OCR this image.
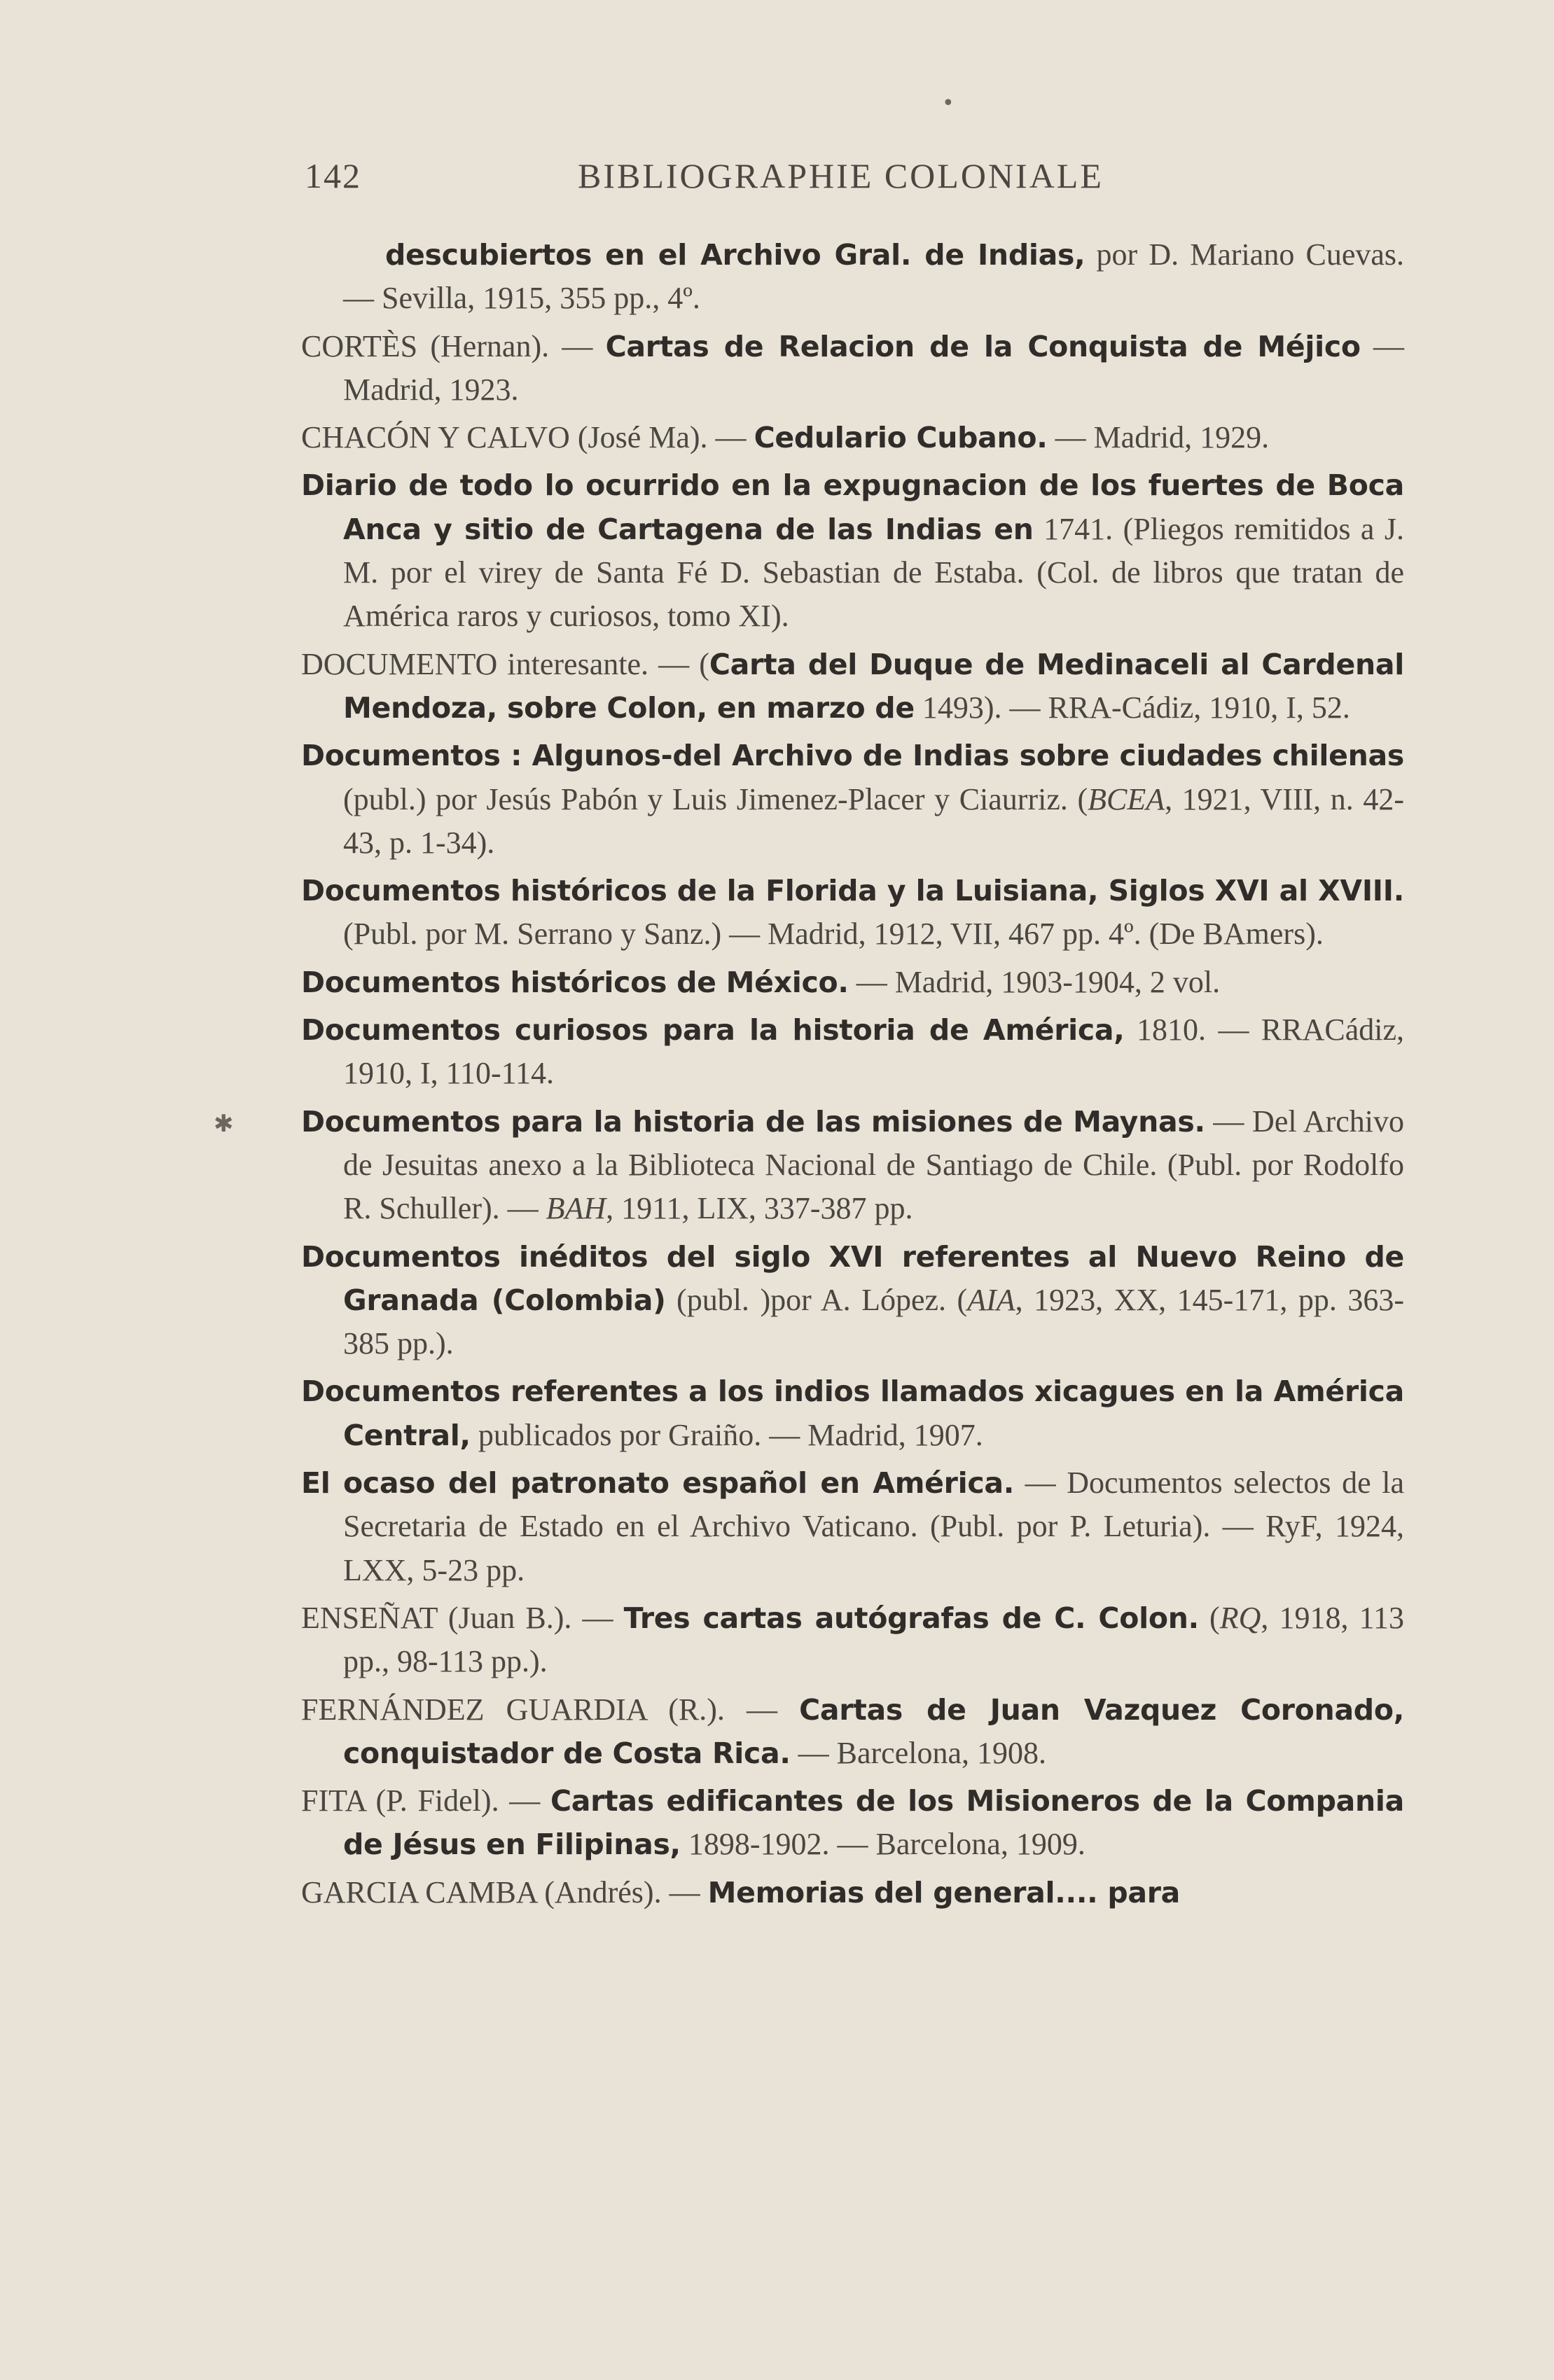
142	BIBLIOGRAPHIE COLONIALE
•
✱

descubiertos en el Archivo Gral. de Indias, por D. Mariano Cuevas. — Sevilla, 1915, 355 pp., 4º.

CORTÈS (Hernan). — Cartas de Relacion de la Conquista de Méjico — Madrid, 1923.

CHACÓN Y CALVO (José Ma). — Cedulario Cubano. — Madrid, 1929.

Diario de todo lo ocurrido en la expugnacion de los fuertes de Boca Anca y sitio de Cartagena de las Indias en 1741. (Pliegos remitidos a J. M. por el virey de Santa Fé D. Sebastian de Estaba. (Col. de libros que tratan de América raros y curiosos, tomo XI).

DOCUMENTO interesante. — (Carta del Duque de Medinaceli al Cardenal Mendoza, sobre Colon, en marzo de 1493). — RRA-Cádiz, 1910, I, 52.

Documentos : Algunos-del Archivo de Indias sobre ciudades chilenas (publ.) por Jesús Pabón y Luis Jimenez-Placer y Ciaurriz. (BCEA, 1921, VIII, n. 42-43, p. 1-34).

Documentos históricos de la Florida y la Luisiana, Siglos XVI al XVIII. (Publ. por M. Serrano y Sanz.) — Madrid, 1912, VII, 467 pp. 4º. (De BAmers).

Documentos históricos de México. — Madrid, 1903-1904, 2 vol.

Documentos curiosos para la historia de América, 1810. — RRACádiz, 1910, I, 110-114.

Documentos para la historia de las misiones de Maynas. — Del Archivo de Jesuitas anexo a la Biblioteca Nacional de Santiago de Chile. (Publ. por Rodolfo R. Schuller). — BAH, 1911, LIX, 337-387 pp.

Documentos inéditos del siglo XVI referentes al Nuevo Reino de Granada (Colombia) (publ. )por A. López. (AIA, 1923, XX, 145-171, pp. 363-385 pp.).

Documentos referentes a los indios llamados xicagues en la América Central, publicados por Graiño. — Madrid, 1907.

El ocaso del patronato español en América. — Documentos selectos de la Secretaria de Estado en el Archivo Vaticano. (Publ. por P. Leturia). — RyF, 1924, LXX, 5-23 pp.

ENSEÑAT (Juan B.). — Tres cartas autógrafas de C. Colon. (RQ, 1918, 113 pp., 98-113 pp.).

FERNÁNDEZ GUARDIA (R.). — Cartas de Juan Vazquez Coronado, conquistador de Costa Rica. — Barcelona, 1908.

FITA (P. Fidel). — Cartas edificantes de los Misioneros de la Compania de Jésus en Filipinas, 1898-1902. — Barcelona, 1909.

GARCIA CAMBA (Andrés). — Memorias del general.... para
